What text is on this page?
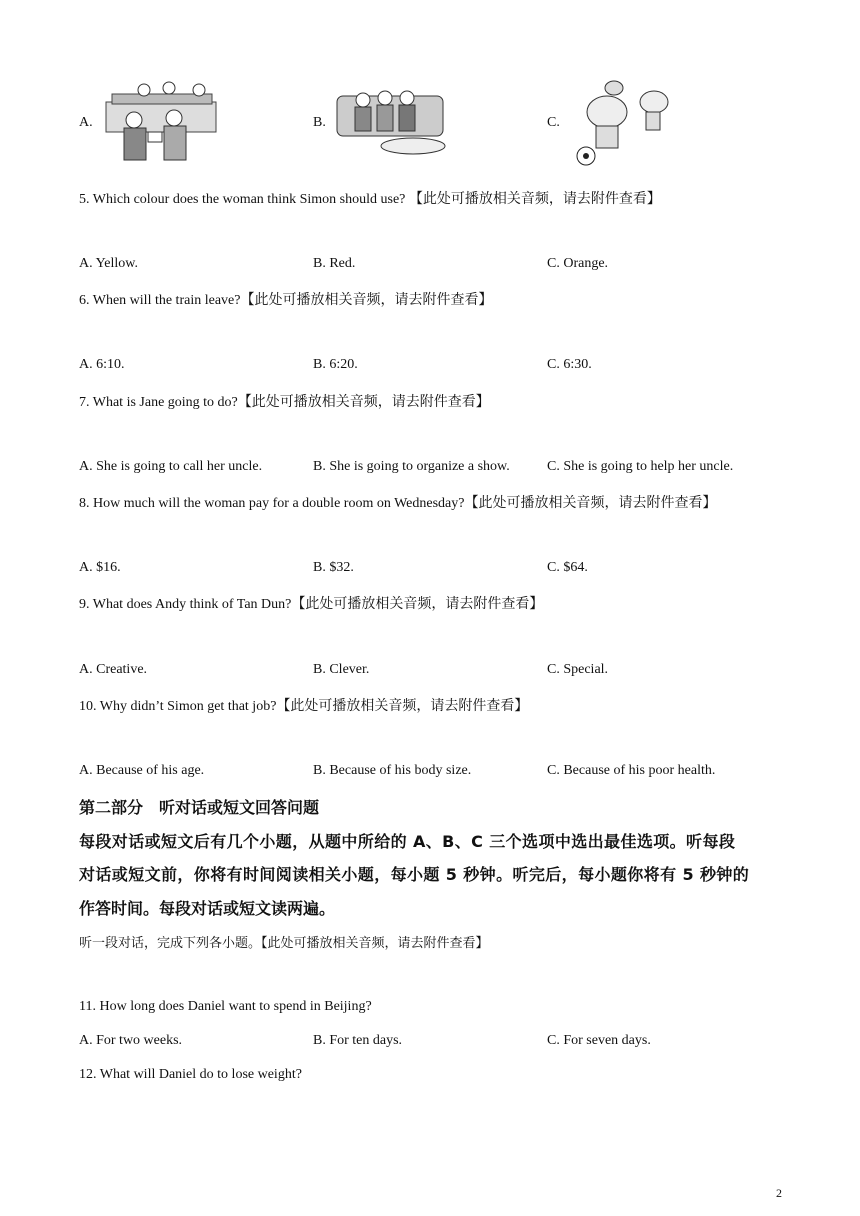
A.	B.	C.
5. Which colour does the woman think Simon should use? 【此处可播放相关音频，请去附件查看】
A. Yellow.	B. Red.	C. Orange.
6. When will the train leave?【此处可播放相关音频，请去附件查看】
A. 6:10.	B. 6:20.	C. 6:30.
7. What is Jane going to do?【此处可播放相关音频，请去附件查看】
A. She is going to call her uncle.	B. She is going to organize a show.	C. She is going to help her uncle.
8. How much will the woman pay for a double room on Wednesday?【此处可播放相关音频，请去附件查看】
A. $16.	B. $32.	C. $64.
9. What does Andy think of Tan Dun?【此处可播放相关音频，请去附件查看】
A. Creative.	B. Clever.	C. Special.
10. Why didn’t Simon get that job?【此处可播放相关音频，请去附件查看】
A. Because of his age.	B. Because of his body size.	C. Because of his poor health.
第二部分　听对话或短文回答问题
每段对话或短文后有几个小题，从题中所给的 A、B、C 三个选项中选出最佳选项。听每段
对话或短文前，你将有时间阅读相关小题，每小题 5 秒钟。听完后，每小题你将有 5 秒钟的
作答时间。每段对话或短文读两遍。
听一段对话，完成下列各小题。【此处可播放相关音频，请去附件查看】
11. How long does Daniel want to spend in Beijing?
A. For two weeks.	B. For ten days.	C. For seven days.
12. What will Daniel do to lose weight?
2
